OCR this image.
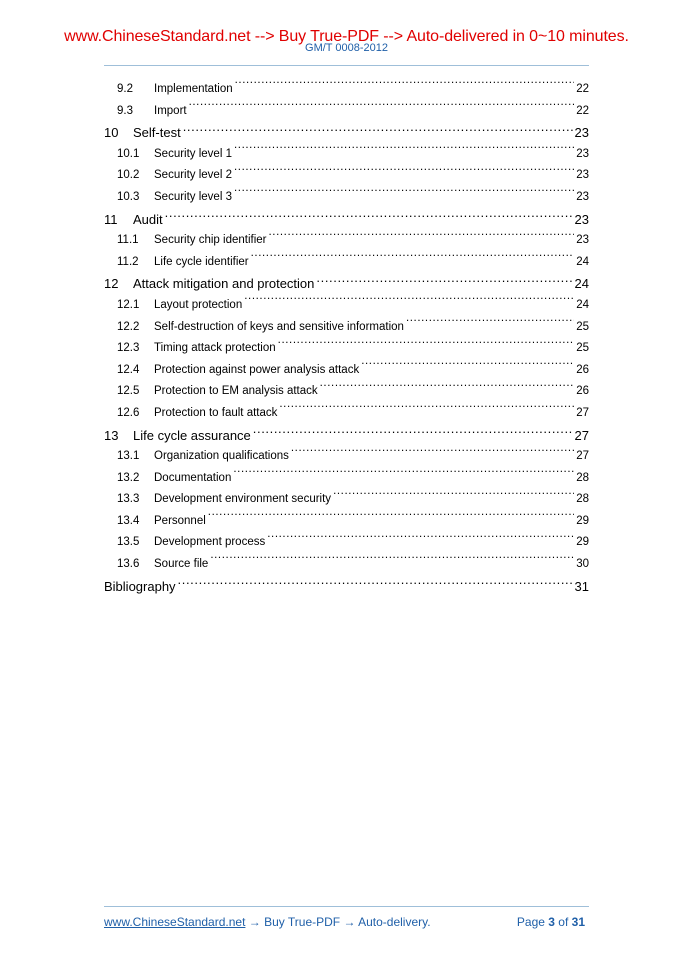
www.ChineseStandard.net --> Buy True-PDF --> Auto-delivered in 0~10 minutes.
GM/T 0008-2012
9.2	Implementation .....	22
9.3	Import .....	22
10	Self-test .....	23
10.1	Security level 1 .....	23
10.2	Security level 2 .....	23
10.3	Security level 3 .....	23
11	Audit .....	23
11.1	Security chip identifier .....	23
11.2	Life cycle identifier .....	24
12	Attack mitigation and protection .....	24
12.1	Layout protection .....	24
12.2	Self-destruction of keys and sensitive information .....	25
12.3	Timing attack protection .....	25
12.4	Protection against power analysis attack .....	26
12.5	Protection to EM analysis attack .....	26
12.6	Protection to fault attack .....	27
13	Life cycle assurance .....	27
13.1	Organization qualifications .....	27
13.2	Documentation .....	28
13.3	Development environment security .....	28
13.4	Personnel .....	29
13.5	Development process .....	29
13.6	Source file .....	30
Bibliography .....	31
www.ChineseStandard.net → Buy True-PDF → Auto-delivery.	Page 3 of 31
